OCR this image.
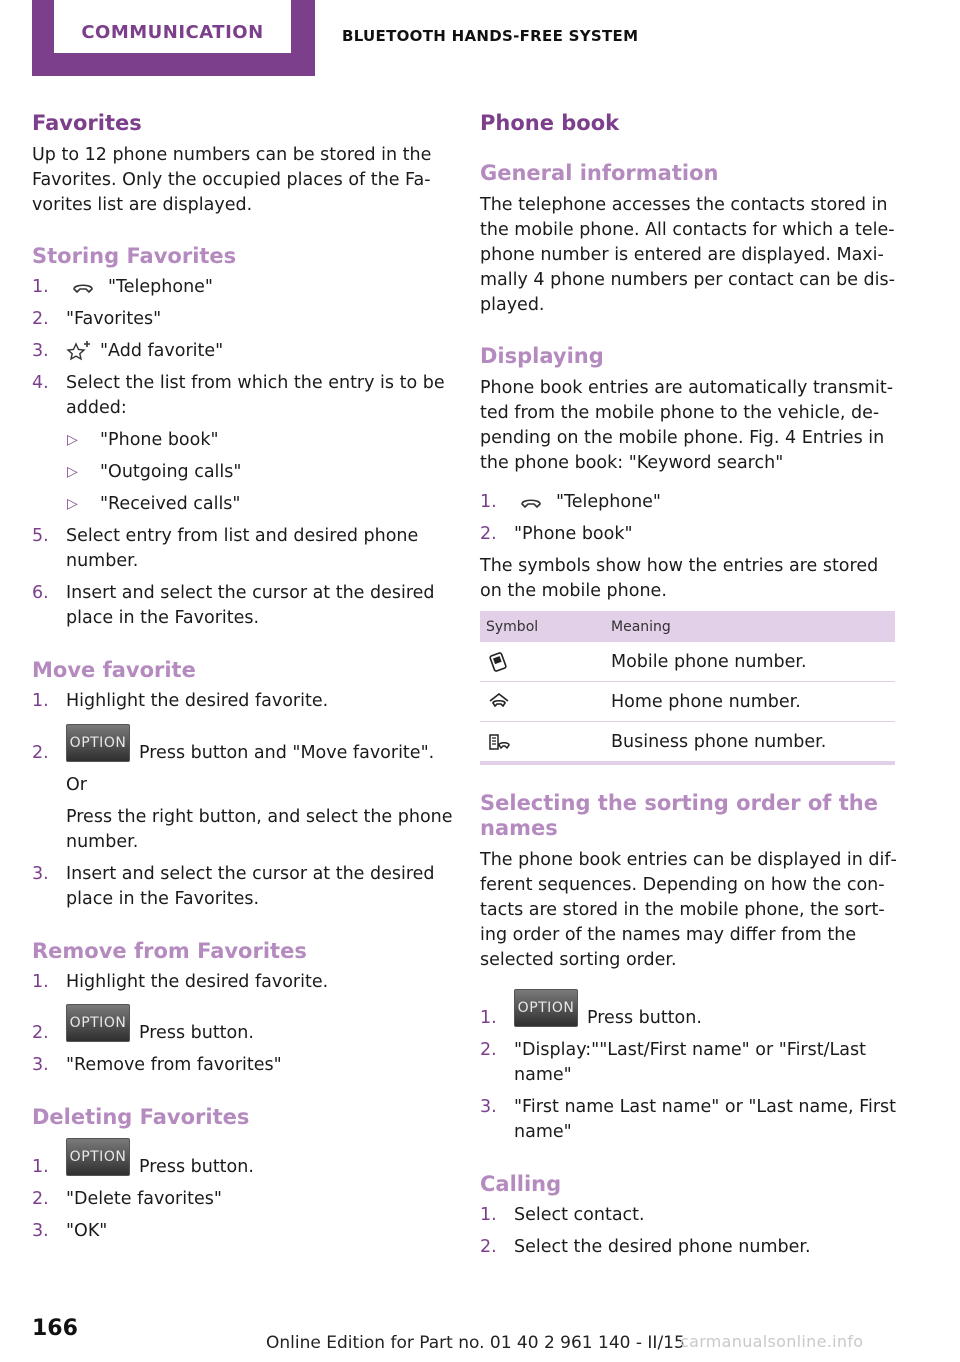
COMMUNICATION	BLUETOOTH HANDS-FREE SYSTEM
Favorites
Up to 12 phone numbers can be stored in the
Favorites. Only the occupied places of the Fa‐
vorites list are displayed.
Storing Favorites
1.	"Telephone"
2. "Favorites"
3.	"Add favorite"
4. Select the list from which the entry is to be
added:
▷ "Phone book"
▷ "Outgoing calls"
▷ "Received calls"
5. Select entry from list and desired phone
number.
6. Insert and select the cursor at the desired
place in the Favorites.
Move favorite
1. Highlight the desired favorite.
2. OPTION Press button and "Move favorite".
Or
Press the right button, and select the phone
number.
3. Insert and select the cursor at the desired
place in the Favorites.
Remove from Favorites
1. Highlight the desired favorite.
2. OPTION Press button.
3. "Remove from favorites"
Deleting Favorites
1. OPTION Press button.
2. "Delete favorites"
3. "OK"
Phone book
General information
The telephone accesses the contacts stored in
the mobile phone. All contacts for which a tele‐
phone number is entered are displayed. Maxi‐
mally 4 phone numbers per contact can be dis‐
played.
Displaying
Phone book entries are automatically transmit‐
ted from the mobile phone to the vehicle, de‐
pending on the mobile phone. Fig. 4 Entries in
the phone book: "Keyword search"
1.	"Telephone"
2. "Phone book"
The symbols show how the entries are stored
on the mobile phone.
Symbol	Meaning
Mobile phone number.
Home phone number.
Business phone number.
Selecting the sorting order of the
names
The phone book entries can be displayed in dif‐
ferent sequences. Depending on how the con‐
tacts are stored in the mobile phone, the sort‐
ing order of the names may differ from the
selected sorting order.
1. OPTION Press button.
2. "Display:""Last/First name" or "First/Last
name"
3. "First name Last name" or "Last name, First
name"
Calling
1. Select contact.
2. Select the desired phone number.
166
Online Edition for Part no. 01 40 2 961 140 - II/15
carmanualsonline.info
